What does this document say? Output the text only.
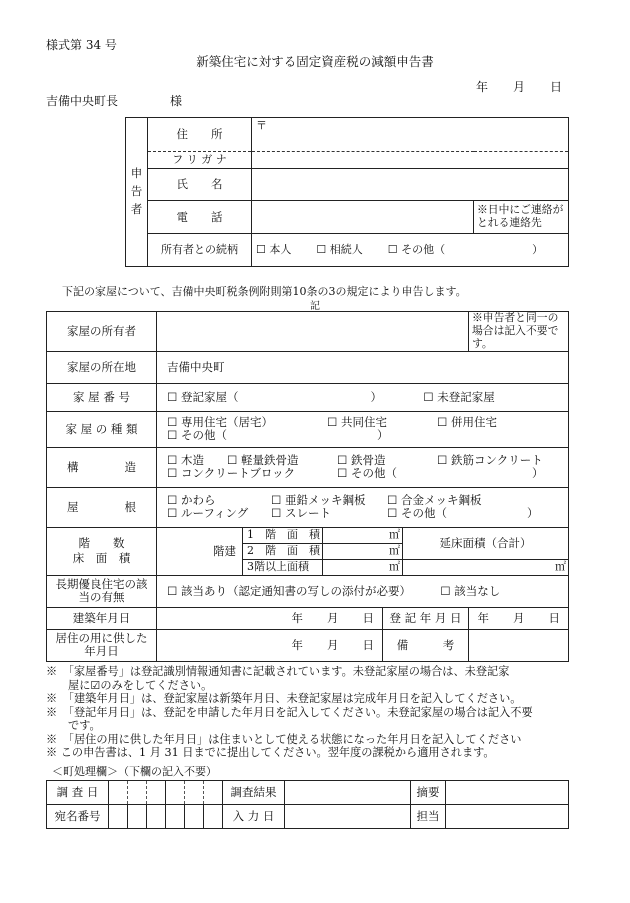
様式第 34 号
新築住宅に対する固定資産税の減額申告書
年 月 日
吉備中央町長	様
申
告
者	住　　所	〒	
	フ リ ガ ナ		
	氏　　名		
	電　　話		※日中にご連絡がとれる連絡先
	所有者との続柄	☐ 本人 ☐ 相続人 ☐ その他（ ）	
下記の家屋について、吉備中央町税条例附則第10条の3の規定により申告します。
記
家屋の所有者							※申告者と同一の場合は記入不要です。	
家屋の所在地	吉備中央町							
家 屋 番 号	☐ 登記家屋（ ） ☐ 未登記家屋							
家 屋 の 種 類	☐ 専用住宅（居宅） ☐ 共同住宅 ☐ 併用住宅
☐ その他（ ）							

構　　　　造	☐ 木造 ☐ 軽量鉄骨造 ☐ 鉄骨造 ☐ 鉄筋コンクリート
☐ コンクリートブロック ☐ その他（ ）							

屋　　　　根	☐ かわら ☐ 亜鉛メッキ鋼板 ☐ 合金メッキ鋼板
☐ ルーフィング ☐ スレート ☐ その他（ ）							

階　　数
床　面　積		階建	1　階　面　積		㎡	延床面積（合計）		
			2　階　面　積		㎡			
			3階以上面積		㎡			㎡
長期優良住宅の該当の有無	☐ 該当あり（認定通知書の写しの添付が必要） ☐ 該当なし							
建築年月日	年 月 日				登 記 年 月 日		年 月 日	
居住の用に供した年月日	年 月 日				備　　　考			
※　「家屋番号」は登記識別情報通知書に記載されています。未登記家屋の場合は、未登記家
屋に☑のみをしてください。
※　「建築年月日」は、登記家屋は新築年月日、未登記家屋は完成年月日を記入してください。
※　「登記年月日」は、登記を申請した年月日を記入してください。未登記家屋の場合は記入不要
です。
※　「居住の用に供した年月日」は住まいとして使える状態になった年月日を記入してください
※ この申告書は、1 月 31 日までに提出してください。翌年度の課税から適用されます。
＜町処理欄＞（下欄の記入不要）
調 査 日							調査結果		摘要	
宛名番号							入 力 日		担当	
